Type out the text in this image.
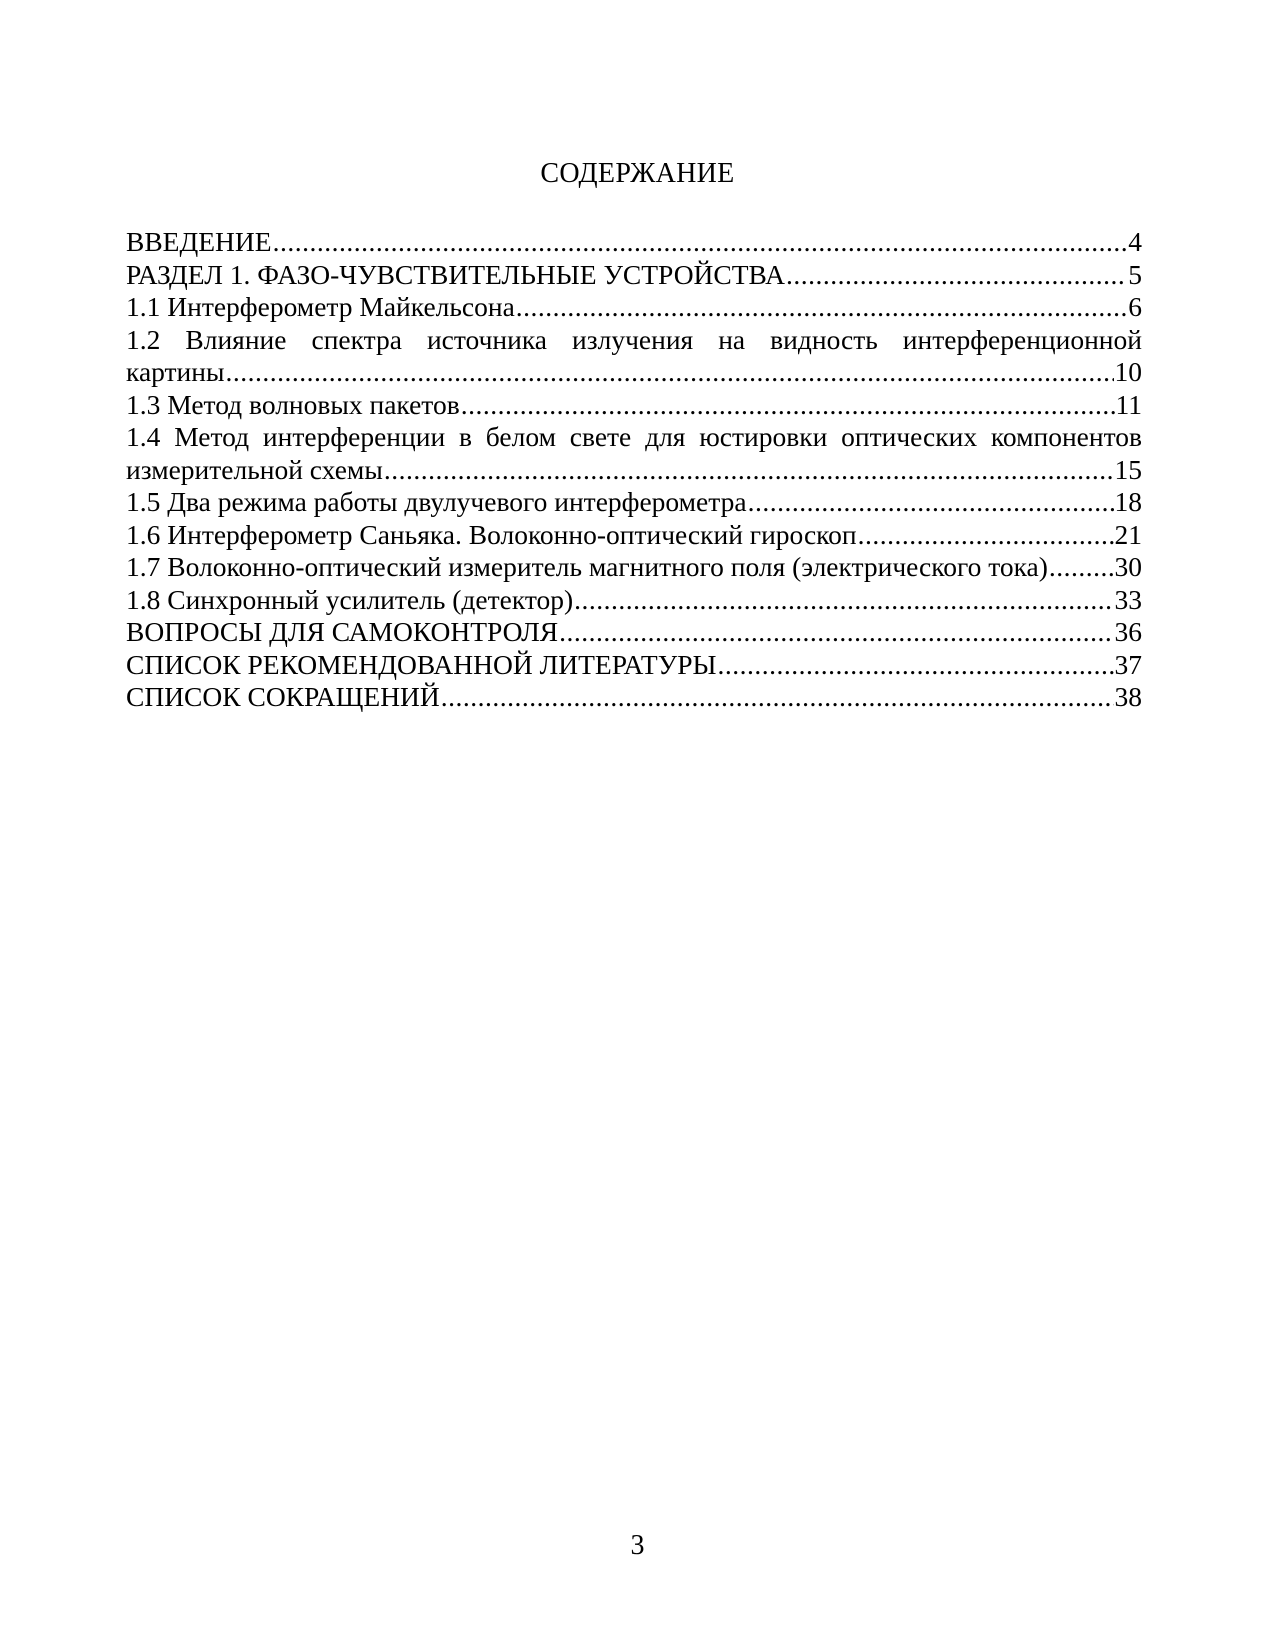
СОДЕРЖАНИЕ
ВВЕДЕНИЕ .....	4
РАЗДЕЛ 1. ФАЗО-ЧУВСТВИТЕЛЬНЫЕ УСТРОЙСТВА .....	5
1.1 Интерферометр Майкельсона .....	6
1.2 Влияние спектра источника излучения на видность интерференционной
картины .....	10
1.3 Метод волновых пакетов .....	11
1.4 Метод интерференции в белом свете для юстировки оптических компонентов
измерительной схемы .....	15
1.5 Два режима работы двулучевого интерферометра .....	18
1.6 Интерферометр Саньяка. Волоконно-оптический гироскоп .....	21
1.7 Волоконно-оптический измеритель магнитного поля (электрического тока) ..... 30
1.8 Синхронный усилитель (детектор) .....	33
ВОПРОСЫ ДЛЯ САМОКОНТРОЛЯ .....	36
СПИСОК РЕКОМЕНДОВАННОЙ ЛИТЕРАТУРЫ .....	37
СПИСОК СОКРАЩЕНИЙ .....	38
3
